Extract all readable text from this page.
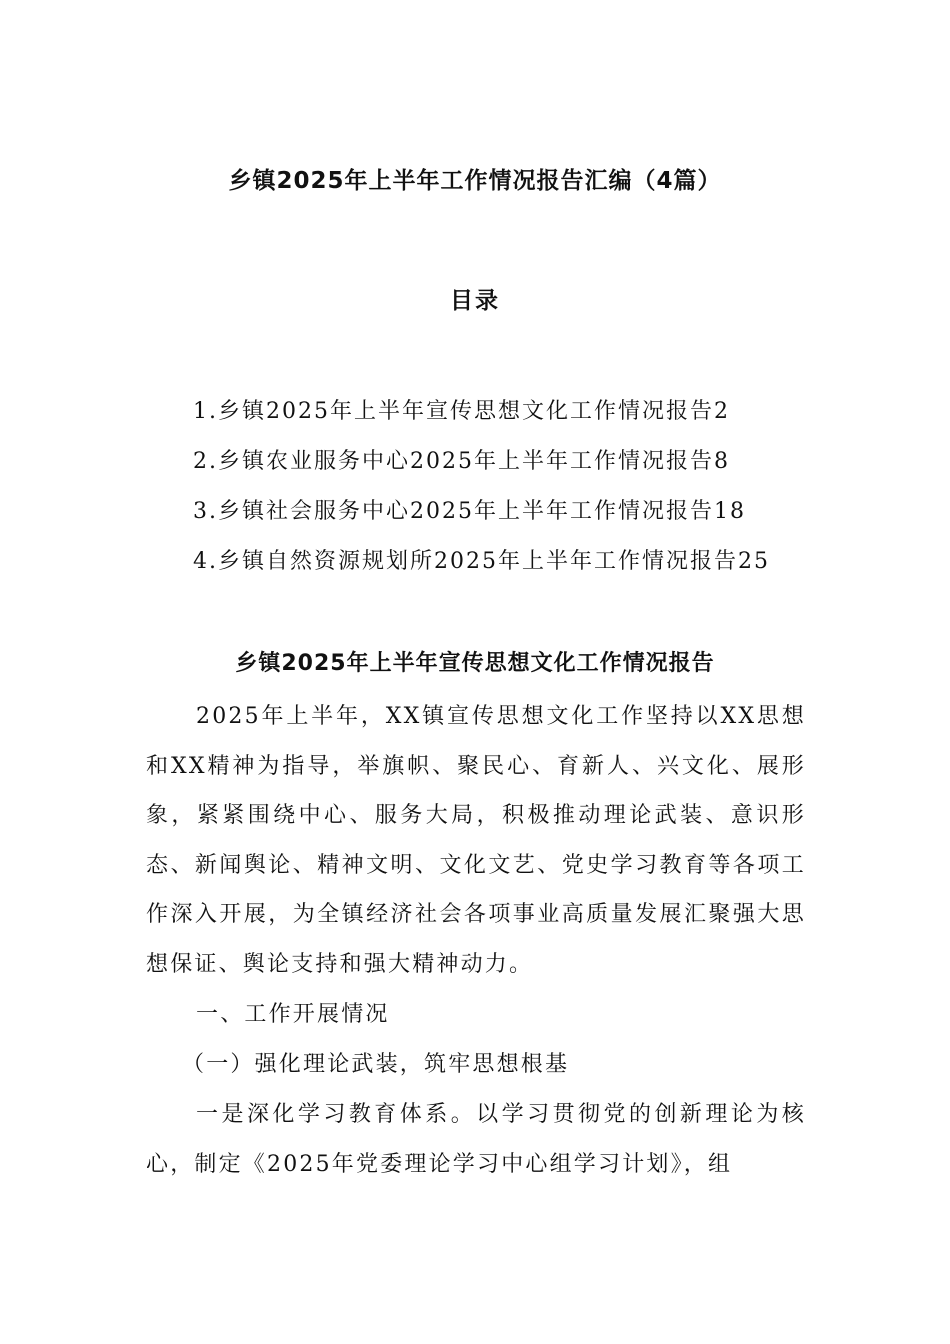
乡镇2025年上半年工作情况报告汇编（4篇）
目录
1.乡镇2025年上半年宣传思想文化工作情况报告2
2.乡镇农业服务中心2025年上半年工作情况报告8
3.乡镇社会服务中心2025年上半年工作情况报告18
4.乡镇自然资源规划所2025年上半年工作情况报告25
乡镇2025年上半年宣传思想文化工作情况报告

2025年上半年，XX镇宣传思想文化工作坚持以XX思想和XX精神为指导，举旗帜、聚民心、育新人、兴文化、展形象，紧紧围绕中心、服务大局，积极推动理论武装、意识形态、新闻舆论、精神文明、文化文艺、党史学习教育等各项工作深入开展，为全镇经济社会各项事业高质量发展汇聚强大思想保证、舆论支持和强大精神动力。

一、工作开展情况

（一）强化理论武装，筑牢思想根基

一是深化学习教育体系。以学习贯彻党的创新理论为核心，制定《2025年党委理论学习中心组学习计划》，组
